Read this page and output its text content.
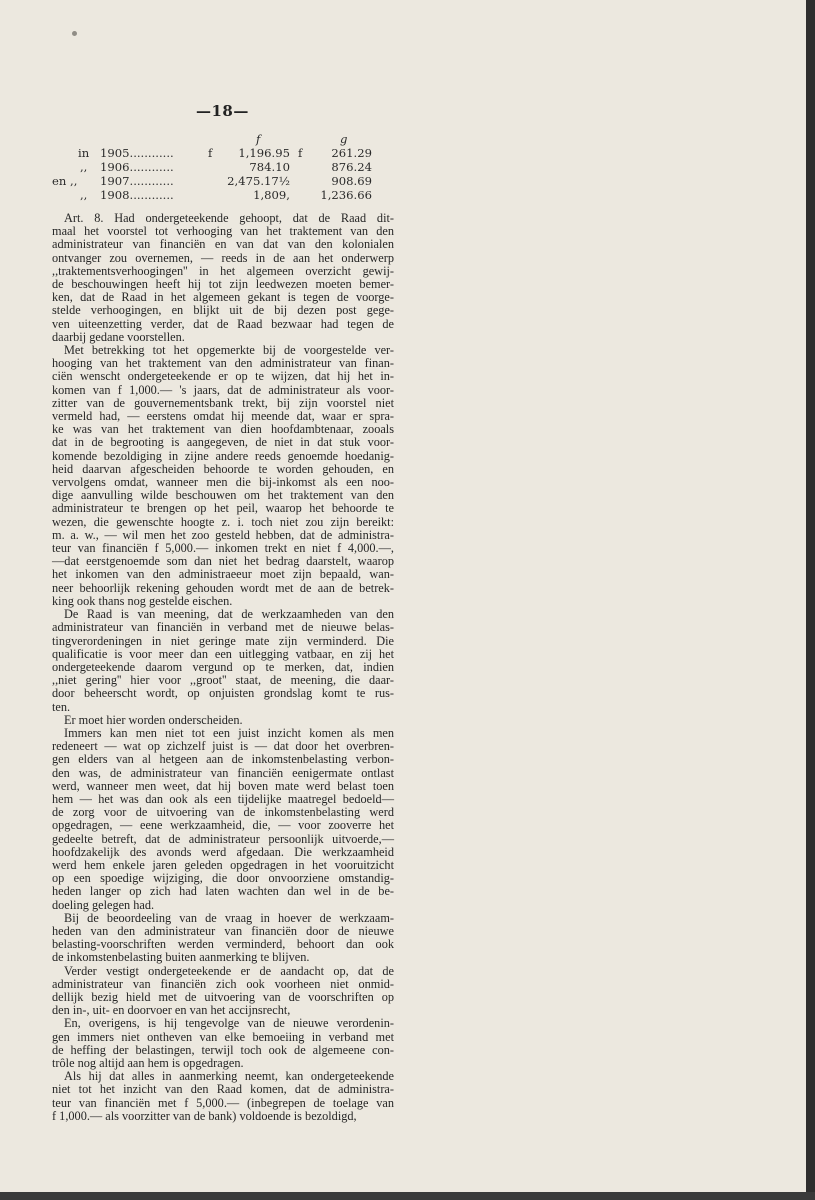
—18—
f	g
in 1905............	f	1,196.95 f	261.29
,, 1906............	784.10	876.24
en ,, 1907............	2,475.17½	908.69
,, 1908............	1,809,	1,236.66

Art. 8. Had ondergeteekende gehoopt, dat de Raad dit-

maal het voorstel tot verhooging van het traktement van den

administrateur van financiën en van dat van den kolonialen

ontvanger zou overnemen, — reeds in de aan het onderwerp

,,traktementsverhoogingen'' in het algemeen overzicht gewij-

de beschouwingen heeft hij tot zijn leedwezen moeten bemer-

ken, dat de Raad in het algemeen gekant is tegen de voorge-

stelde verhoogingen, en blijkt uit de bij dezen post gege-

ven uiteenzetting verder, dat de Raad bezwaar had tegen de

daarbij gedane voorstellen.

Met betrekking tot het opgemerkte bij de voorgestelde ver-

hooging van het traktement van den administrateur van finan-

ciën wenscht ondergeteekende er op te wijzen, dat hij het in-

komen van f 1,000.— 's jaars, dat de administrateur als voor-

zitter van de gouvernementsbank trekt, bij zijn voorstel niet

vermeld had, — eerstens omdat hij meende dat, waar er spra-

ke was van het traktement van dien hoofdambtenaar, zooals

dat in de begrooting is aangegeven, de niet in dat stuk voor-

komende bezoldiging in zijne andere reeds genoemde hoedanig-

heid daarvan afgescheiden behoorde te worden gehouden, en

vervolgens omdat, wanneer men die bij-inkomst als een noo-

dige aanvulling wilde beschouwen om het traktement van den

administrateur te brengen op het peil, waarop het behoorde te

wezen, die gewenschte hoogte z. i. toch niet zou zijn bereikt:

m. a. w., — wil men het zoo gesteld hebben, dat de administra-

teur van financiën f 5,000.— inkomen trekt en niet f 4,000.—,

—dat eerstgenoemde som dan niet het bedrag daarstelt, waarop

het inkomen van den administraeeur moet zijn bepaald, wan-

neer behoorlijk rekening gehouden wordt met de aan de betrek-

king ook thans nog gestelde eischen.

De Raad is van meening, dat de werkzaamheden van den

administrateur van financiën in verband met de nieuwe belas-

tingverordeningen in niet geringe mate zijn verminderd. Die

qualificatie is voor meer dan een uitlegging vatbaar, en zij het

ondergeteekende daarom vergund op te merken, dat, indien

,,niet gering'' hier voor ,,groot'' staat, de meening, die daar-

door beheerscht wordt, op onjuisten grondslag komt te rus-

ten.

Er moet hier worden onderscheiden.

Immers kan men niet tot een juist inzicht komen als men

redeneert — wat op zichzelf juist is — dat door het overbren-

gen elders van al hetgeen aan de inkomstenbelasting verbon-

den was, de administrateur van financiën eenigermate ontlast

werd, wanneer men weet, dat hij boven mate werd belast toen

hem — het was dan ook als een tijdelijke maatregel bedoeld—

de zorg voor de uitvoering van de inkomstenbelasting werd

opgedragen, — eene werkzaamheid, die, — voor zooverre het

gedeelte betreft, dat de administrateur persoonlijk uitvoerde,—

hoofdzakelijk des avonds werd afgedaan. Die werkzaamheid

werd hem enkele jaren geleden opgedragen in het vooruitzicht

op een spoedige wijziging, die door onvoorziene omstandig-

heden langer op zich had laten wachten dan wel in de be-

doeling gelegen had.

Bij de beoordeeling van de vraag in hoever de werkzaam-

heden van den administrateur van financiën door de nieuwe

belasting-voorschriften werden verminderd, behoort dan ook

de inkomstenbelasting buiten aanmerking te blijven.

Verder vestigt ondergeteekende er de aandacht op, dat de

administrateur van financiën zich ook voorheen niet onmid-

dellijk bezig hield met de uitvoering van de voorschriften op

den in-, uit- en doorvoer en van het accijnsrecht,

En, overigens, is hij tengevolge van de nieuwe verordenin-

gen immers niet ontheven van elke bemoeiing in verband met

de heffing der belastingen, terwijl toch ook de algemeene con-

trôle nog altijd aan hem is opgedragen.

Als hij dat alles in aanmerking neemt, kan ondergeteekende

niet tot het inzicht van den Raad komen, dat de administra-

teur van financiën met f 5,000.— (inbegrepen de toelage van

f 1,000.— als voorzitter van de bank) voldoende is bezoldigd,
